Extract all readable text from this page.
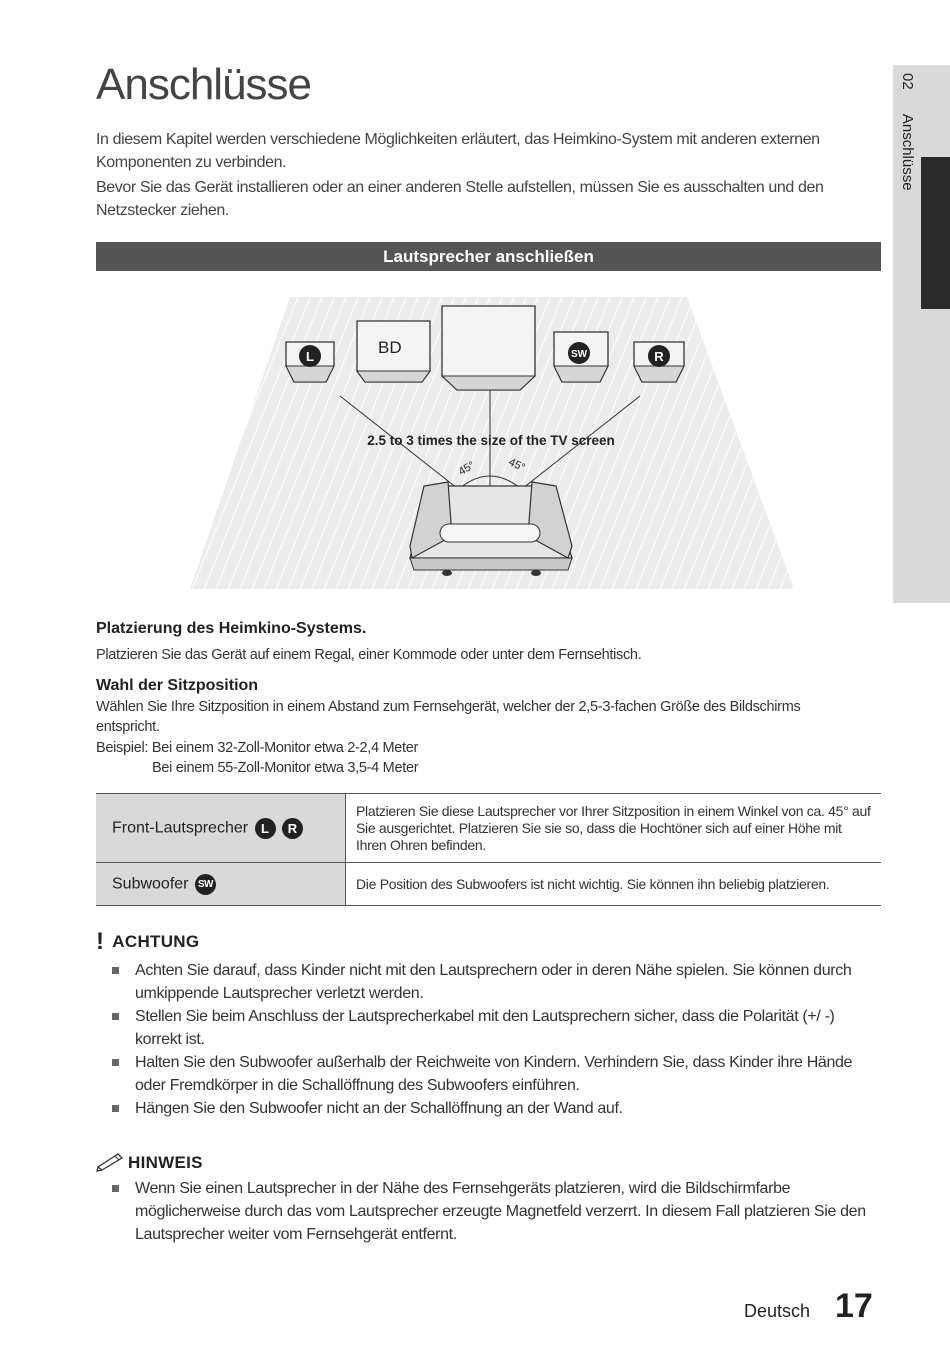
02 Anschlüsse
Anschlüsse

In diesem Kapitel werden verschiedene Möglichkeiten erläutert, das Heimkino-System mit anderen externen Komponenten zu verbinden.

Bevor Sie das Gerät installieren oder an einer anderen Stelle aufstellen, müssen Sie es ausschalten und den Netzstecker ziehen.

Lautsprecher anschließen
BD
L	SW	R
2.5 to 3 times the size of the TV screen
45°	45°
Platzierung des Heimkino-Systems.

Platzieren Sie das Gerät auf einem Regal, einer Kommode oder unter dem Fernsehtisch.

Wahl der Sitzposition

Wählen Sie Ihre Sitzposition in einem Abstand zum Fernsehgerät, welcher der 2,5-3-fachen Größe des Bildschirms entspricht.

Beispiel: Bei einem 32-Zoll-Monitor etwa 2-2,4 Meter

Bei einem 55-Zoll-Monitor etwa 3,5-4 Meter

Front-Lautsprecher L R	Platzieren Sie diese Lautsprecher vor Ihrer Sitzposition in einem Winkel von ca. 45° auf Sie ausgerichtet. Platzieren Sie sie so, dass die Hochtöner sich auf einer Höhe mit Ihren Ohren befinden.
Subwoofer SW	Die Position des Subwoofers ist nicht wichtig. Sie können ihn beliebig platzieren.
! ACHTUNG
Achten Sie darauf, dass Kinder nicht mit den Lautsprechern oder in deren Nähe spielen. Sie können durch umkippende Lautsprecher verletzt werden.
Stellen Sie beim Anschluss der Lautsprecherkabel mit den Lautsprechern sicher, dass die Polarität (+/ -) korrekt ist.
Halten Sie den Subwoofer außerhalb der Reichweite von Kindern. Verhindern Sie, dass Kinder ihre Hände oder Fremdkörper in die Schallöffnung des Subwoofers einführen.
Hängen Sie den Subwoofer nicht an der Schallöffnung an der Wand auf.
HINWEIS
Wenn Sie einen Lautsprecher in der Nähe des Fernsehgeräts platzieren, wird die Bildschirmfarbe möglicherweise durch das vom Lautsprecher erzeugte Magnetfeld verzerrt. In diesem Fall platzieren Sie den Lautsprecher weiter vom Fernsehgerät entfernt.
Deutsch 17
